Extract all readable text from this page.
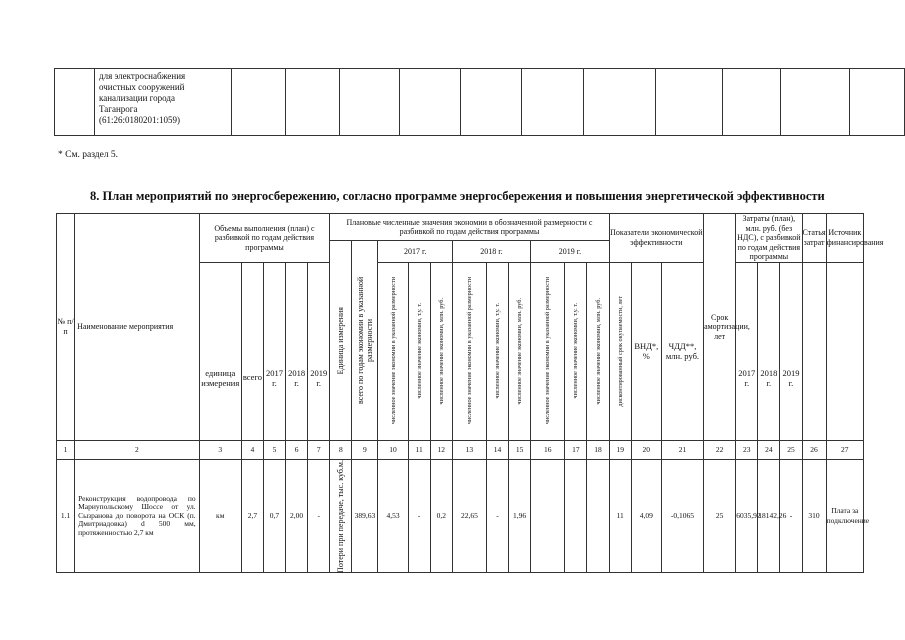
для электроснабжения
очистных сооружений
канализации города
Таганрога
(61:26:0180201:1059)

* См. раздел 5.
8. План мероприятий по энергосбережению, согласно программе энергосбережения и повышения энергетической эффективности
№ п/п	Наименование мероприятия	Объемы выполнения (план) с разбивкой по годам действия программы					Плановые численные значения экономии в обозначенной размерности с разбивкой по годам действия программы											Показатели экономической эффективности			Срок амортизации, лет	Затраты (план), млн. руб. (без НДС), с разбивкой по годам действия программы			Статья затрат	Источник финансирования

							Единица измерения	всего по годам экономии в указанной размерности	2017 г.			2018 г.			2019 г.											
		единица измерения	всего	2017 г.	2018 г.	2019 г.			численное значение экономии в указанной размерности	численное значение экономии, т.у. т.	численное значение экономии, млн. руб.	численное значение экономии в указанной размерности	численное значение экономии, т.у. т.	численное значение экономии, млн. руб.	численное значение экономии в указанной размерности	численное значение экономии, т.у. т.	численное значение экономии, млн. руб.	дисконтированный срок окупаемости, лет	ВНД*, %	ЧДД**, млн. руб.		2017 г.	2018 г.	2019 г.		
1	2	3	4	5	6	7	8	9	10	11	12	13	14	15	16	17	18	19	20	21	22	23	24	25	26	27
1.1	Реконструкция водопровода по Мариупольскому Шоссе от ул. Сызранова до поворота на ОСК (п. Дмитриадовка) d 500 мм, протяженностью 2,7 км	км	2,7	0,7	2,00	-	Потери при передаче, тыс. куб.м.	389,63	4,53	-	0,2	22,65	-	1,96				11	4,09	-0,1065	25	6035,92	18142,26	-	310	Плата за подключение
